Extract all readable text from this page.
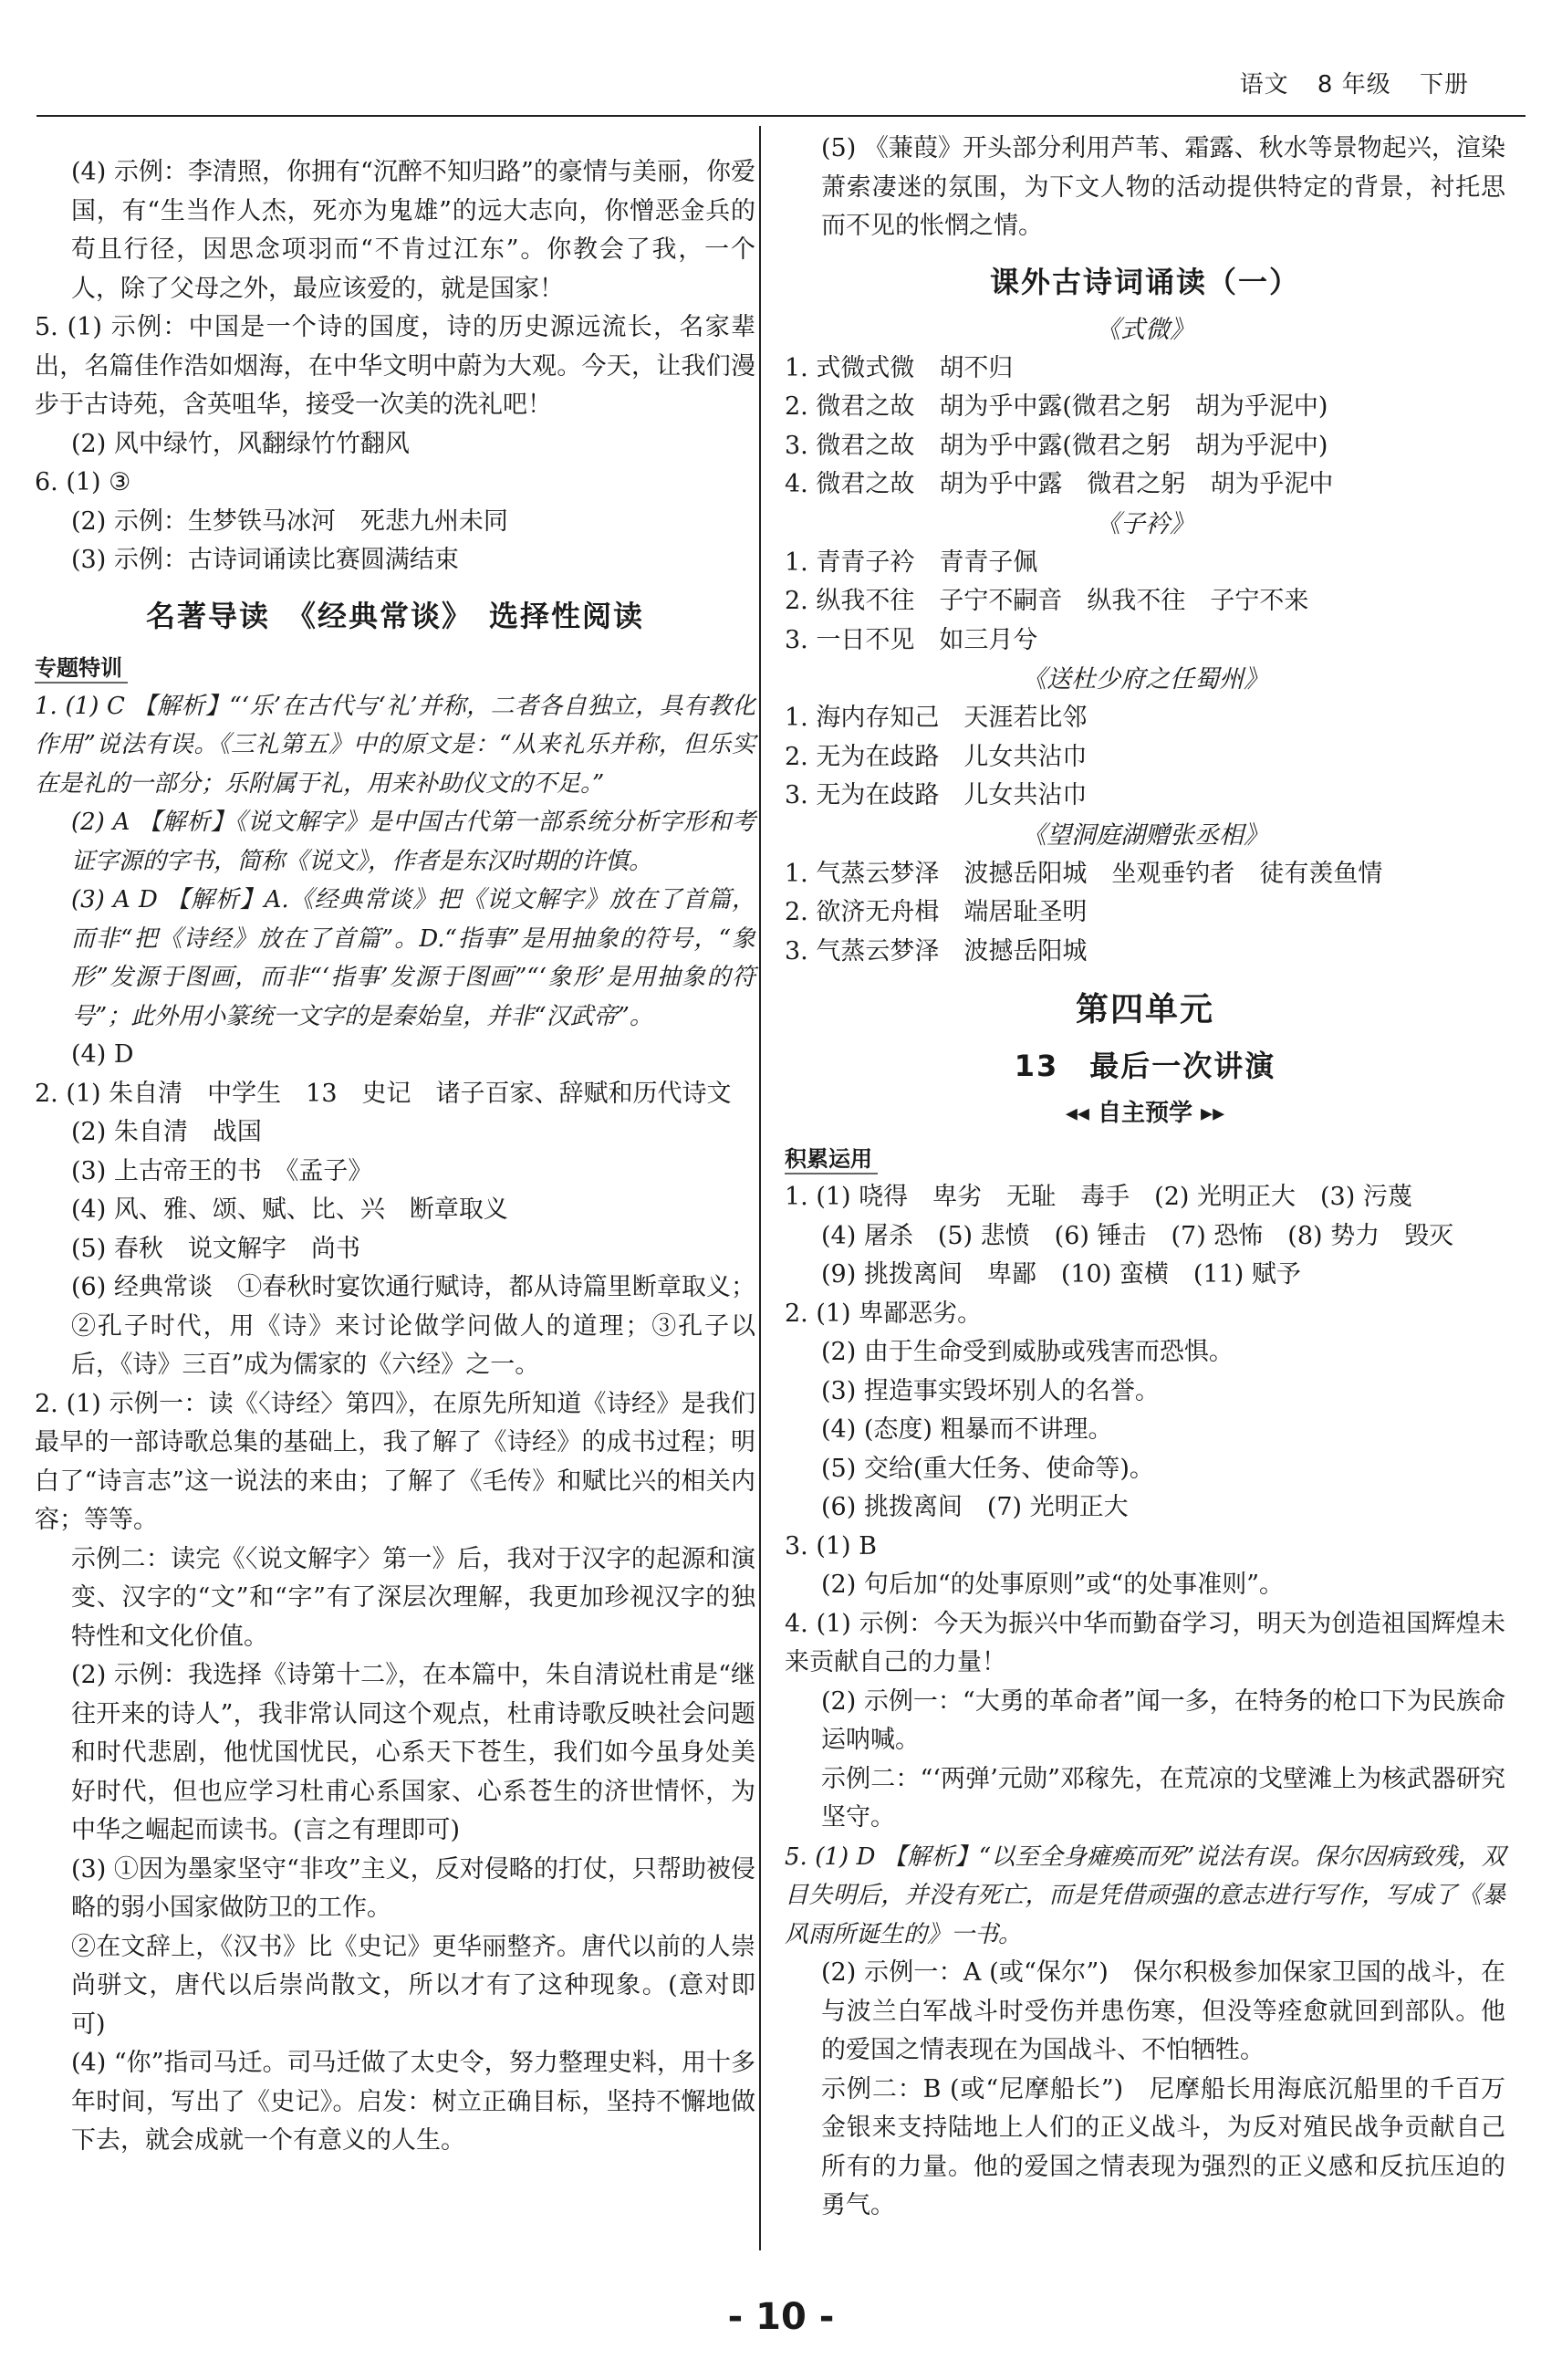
语文 8 年级 下册

(4) 示例：李清照，你拥有“沉醉不知归路”的豪情与美丽，你爱国，有“生当作人杰，死亦为鬼雄”的远大志向，你憎恶金兵的苟且行径，因思念项羽而“不肯过江东”。你教会了我，一个人，除了父母之外，最应该爱的，就是国家！

5. (1) 示例：中国是一个诗的国度，诗的历史源远流长，名家辈出，名篇佳作浩如烟海，在中华文明中蔚为大观。今天，让我们漫步于古诗苑，含英咀华，接受一次美的洗礼吧！

(2) 风中绿竹，风翻绿竹竹翻风

6. (1) ③

(2) 示例：生梦铁马冰河　死悲九州未同

(3) 示例：古诗词诵读比赛圆满结束

名著导读　《经典常谈》　选择性阅读
专题特训

1. (1) C 【解析】“‘乐’在古代与‘礼’并称，二者各自独立，具有教化作用”说法有误。《三礼第五》中的原文是：“从来礼乐并称，但乐实在是礼的一部分；乐附属于礼，用来补助仪文的不足。”

(2) A 【解析】《说文解字》是中国古代第一部系统分析字形和考证字源的字书，简称《说文》，作者是东汉时期的许慎。

(3) A D 【解析】A.《经典常谈》把《说文解字》放在了首篇，而非“把《诗经》放在了首篇”。D.“指事”是用抽象的符号，“象形”发源于图画，而非“‘指事’发源于图画”“‘象形’是用抽象的符号”；此外用小篆统一文字的是秦始皇，并非“汉武帝”。

(4) D

2. (1) 朱自清　中学生　13　史记　诸子百家、辞赋和历代诗文

(2) 朱自清　战国

(3) 上古帝王的书　《孟子》

(4) 风、雅、颂、赋、比、兴　断章取义

(5) 春秋　说文解字　尚书

(6) 经典常谈　①春秋时宴饮通行赋诗，都从诗篇里断章取义；②孔子时代，用《诗》来讨论做学问做人的道理；③孔子以后，《诗》三百”成为儒家的《六经》之一。

2. (1) 示例一：读《〈诗经〉第四》，在原先所知道《诗经》是我们最早的一部诗歌总集的基础上，我了解了《诗经》的成书过程；明白了“诗言志”这一说法的来由；了解了《毛传》和赋比兴的相关内容；等等。

示例二：读完《〈说文解字〉第一》后，我对于汉字的起源和演变、汉字的“文”和“字”有了深层次理解，我更加珍视汉字的独特性和文化价值。

(2) 示例：我选择《诗第十二》，在本篇中，朱自清说杜甫是“继往开来的诗人”，我非常认同这个观点，杜甫诗歌反映社会问题和时代悲剧，他忧国忧民，心系天下苍生，我们如今虽身处美好时代，但也应学习杜甫心系国家、心系苍生的济世情怀，为中华之崛起而读书。(言之有理即可)

(3) ①因为墨家坚守“非攻”主义，反对侵略的打仗，只帮助被侵略的弱小国家做防卫的工作。

②在文辞上，《汉书》比《史记》更华丽整齐。唐代以前的人崇尚骈文，唐代以后崇尚散文，所以才有了这种现象。(意对即可)

(4) “你”指司马迁。司马迁做了太史令，努力整理史料，用十多年时间，写出了《史记》。启发：树立正确目标，坚持不懈地做下去，就会成就一个有意义的人生。

(5) 《蒹葭》开头部分利用芦苇、霜露、秋水等景物起兴，渲染萧索凄迷的氛围，为下文人物的活动提供特定的背景，衬托思而不见的怅惘之情。

课外古诗词诵读（一）

《式微》

1. 式微式微　胡不归

2. 微君之故　胡为乎中露(微君之躬　胡为乎泥中)

3. 微君之故　胡为乎中露(微君之躬　胡为乎泥中)

4. 微君之故　胡为乎中露　微君之躬　胡为乎泥中

《子衿》

1. 青青子衿　青青子佩

2. 纵我不往　子宁不嗣音　纵我不往　子宁不来

3. 一日不见　如三月兮

《送杜少府之任蜀州》

1. 海内存知己　天涯若比邻

2. 无为在歧路　儿女共沾巾

3. 无为在歧路　儿女共沾巾

《望洞庭湖赠张丞相》

1. 气蒸云梦泽　波撼岳阳城　坐观垂钓者　徒有羡鱼情

2. 欲济无舟楫　端居耻圣明

3. 气蒸云梦泽　波撼岳阳城

第四单元
13　最后一次讲演
◂◂ 自主预学 ▸▸
积累运用

1. (1) 哓得　卑劣　无耻　毒手　(2) 光明正大　(3) 污蔑

(4) 屠杀　(5) 悲愤　(6) 锤击　(7) 恐怖　(8) 势力　毁灭

(9) 挑拨离间　卑鄙　(10) 蛮横　(11) 赋予

2. (1) 卑鄙恶劣。

(2) 由于生命受到威胁或残害而恐惧。

(3) 捏造事实毁坏别人的名誉。

(4) (态度) 粗暴而不讲理。

(5) 交给(重大任务、使命等)。

(6) 挑拨离间　(7) 光明正大

3. (1) B

(2) 句后加“的处事原则”或“的处事准则”。

4. (1) 示例：今天为振兴中华而勤奋学习，明天为创造祖国辉煌未来贡献自己的力量！

(2) 示例一：“大勇的革命者”闻一多，在特务的枪口下为民族命运呐喊。

示例二：“‘两弹’元勋”邓稼先，在荒凉的戈壁滩上为核武器研究坚守。

5. (1) D 【解析】“以至全身瘫痪而死”说法有误。保尔因病致残，双目失明后，并没有死亡，而是凭借顽强的意志进行写作，写成了《暴风雨所诞生的》一书。

(2) 示例一：A (或“保尔”)　保尔积极参加保家卫国的战斗，在与波兰白军战斗时受伤并患伤寒，但没等痊愈就回到部队。他的爱国之情表现在为国战斗、不怕牺牲。

示例二：B (或“尼摩船长”)　尼摩船长用海底沉船里的千百万金银来支持陆地上人们的正义战斗，为反对殖民战争贡献自己所有的力量。他的爱国之情表现为强烈的正义感和反抗压迫的勇气。

- 10 -
